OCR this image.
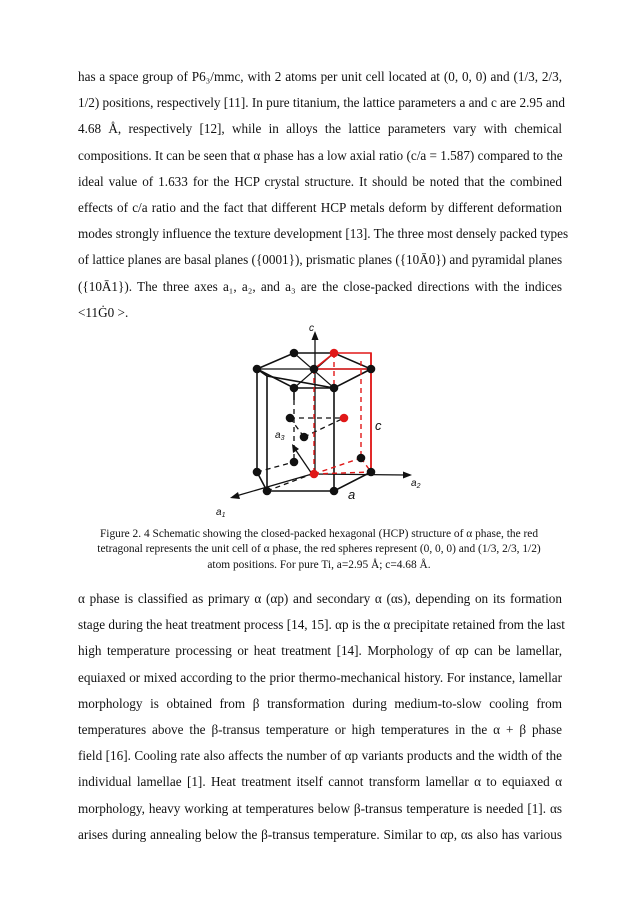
has a space group of P6₃/mmc, with 2 atoms per unit cell located at (0, 0, 0) and (1/3, 2/3,
1/2) positions, respectively [11]. In pure titanium, the lattice parameters a and c are 2.95 and
4.68 Å, respectively [12], while in alloys the lattice parameters vary with chemical
compositions. It can be seen that α phase has a low axial ratio (c/a = 1.587) compared to the
ideal value of 1.633 for the HCP crystal structure. It should be noted that the combined
effects of c/a ratio and the fact that different HCP metals deform by different deformation
modes strongly influence the texture development [13]. The three most densely packed types
of lattice planes are basal planes ({0001}), prismatic planes ({10Ā0}) and pyramidal planes
({10Ā1}). The three axes a₁, a₂, and a₃ are the close-packed directions with the indices
<11Ġ0 >.
c
c
a
$a_1$
$a_2$
$a_3$
Figure 2. 4 Schematic showing the closed-packed hexagonal (HCP) structure of α phase, the red
tetragonal represents the unit cell of α phase, the red spheres represent (0, 0, 0) and (1/3, 2/3, 1/2)
atom positions. For pure Ti, a=2.95 Å; c=4.68 Å.
α phase is classified as primary α (αp) and secondary α (αs), depending on its formation
stage during the heat treatment process [14, 15]. αp is the α precipitate retained from the last
high temperature processing or heat treatment [14]. Morphology of αp can be lamellar,
equiaxed or mixed according to the prior thermo-mechanical history. For instance, lamellar
morphology is obtained from β transformation during medium-to-slow cooling from
temperatures above the β-transus temperature or high temperatures in the α + β phase
field [16]. Cooling rate also affects the number of αp variants products and the width of the
individual lamellae [1]. Heat treatment itself cannot transform lamellar α to equiaxed α
morphology, heavy working at temperatures below β-transus temperature is needed [1]. αs
arises during annealing below the β-transus temperature. Similar to αp, αs also has various
